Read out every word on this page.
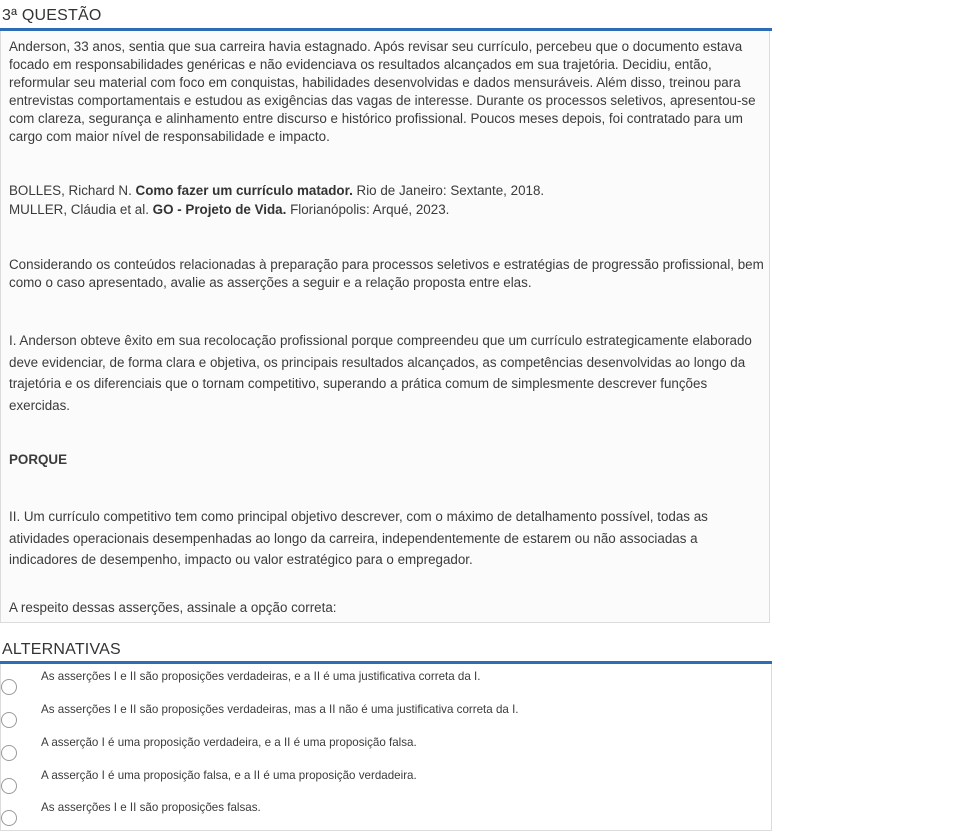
3ª QUESTÃO

Anderson, 33 anos, sentia que sua carreira havia estagnado. Após revisar seu currículo, percebeu que o documento estava focado em responsabilidades genéricas e não evidenciava os resultados alcançados em sua trajetória. Decidiu, então, reformular seu material com foco em conquistas, habilidades desenvolvidas e dados mensuráveis. Além disso, treinou para entrevistas comportamentais e estudou as exigências das vagas de interesse. Durante os processos seletivos, apresentou-se com clareza, segurança e alinhamento entre discurso e histórico profissional. Poucos meses depois, foi contratado para um cargo com maior nível de responsabilidade e impacto.

BOLLES, Richard N. Como fazer um currículo matador. Rio de Janeiro: Sextante, 2018.

MULLER, Cláudia et al. GO - Projeto de Vida. Florianópolis: Arqué, 2023.

Considerando os conteúdos relacionadas à preparação para processos seletivos e estratégias de progressão profissional, bem como o caso apresentado, avalie as asserções a seguir e a relação proposta entre elas.

I. Anderson obteve êxito em sua recolocação profissional porque compreendeu que um currículo estrategicamente elaborado deve evidenciar, de forma clara e objetiva, os principais resultados alcançados, as competências desenvolvidas ao longo da trajetória e os diferenciais que o tornam competitivo, superando a prática comum de simplesmente descrever funções exercidas.

PORQUE

II. Um currículo competitivo tem como principal objetivo descrever, com o máximo de detalhamento possível, todas as atividades operacionais desempenhadas ao longo da carreira, independentemente de estarem ou não associadas a indicadores de desempenho, impacto ou valor estratégico para o empregador.

A respeito dessas asserções, assinale a opção correta:

ALTERNATIVAS
As asserções I e II são proposições verdadeiras, e a II é uma justificativa correta da I.
As asserções I e II são proposições verdadeiras, mas a II não é uma justificativa correta da I.
A asserção I é uma proposição verdadeira, e a II é uma proposição falsa.
A asserção I é uma proposição falsa, e a II é uma proposição verdadeira.
As asserções I e II são proposições falsas.
